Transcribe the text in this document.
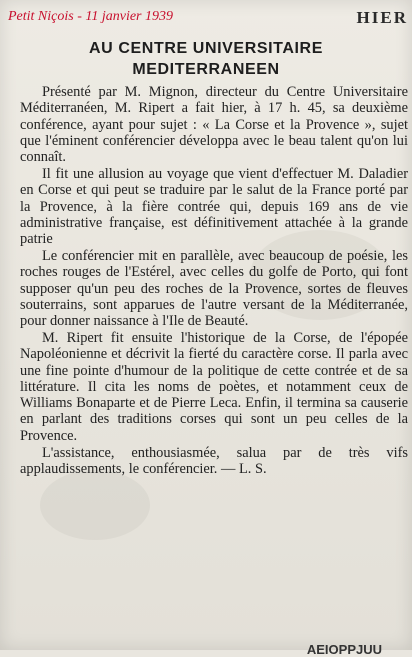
Petit Niçois - 11 janvier 1939	HIER
AU CENTRE UNIVERSITAIRE
MEDITERRANEEN

Présenté par M. Mignon, directeur du Centre Universitaire Méditerranéen, M. Ripert a fait hier, à 17 h. 45, sa deuxième conférence, ayant pour sujet : « La Corse et la Provence », sujet que l'éminent conférencier développa avec le beau talent qu'on lui connaît.

Il fit une allusion au voyage que vient d'effectuer M. Daladier en Corse et qui peut se traduire par le salut de la France porté par la Provence, à la fière contrée qui, depuis 169 ans de vie administrative française, est définitivement attachée à la grande patrie

Le conférencier mit en parallèle, avec beaucoup de poésie, les roches rouges de l'Estérel, avec celles du golfe de Porto, qui font supposer qu'un peu des roches de la Provence, sortes de fleuves souterrains, sont apparues de l'autre versant de la Méditerranée, pour donner naissance à l'Ile de Beauté.

M. Ripert fit ensuite l'historique de la Corse, de l'épopée Napoléonienne et décrivit la fierté du caractère corse. Il parla avec une fine pointe d'humour de la politique de cette contrée et de sa littérature. Il cita les noms de poètes, et notamment ceux de Williams Bonaparte et de Pierre Leca. Enfin, il termina sa causerie en parlant des traditions corses qui sont un peu celles de la Provence.

L'assistance, enthousiasmée, salua par de très vifs applaudissements, le conférencier. — L. S.

AEIOPPJUU
